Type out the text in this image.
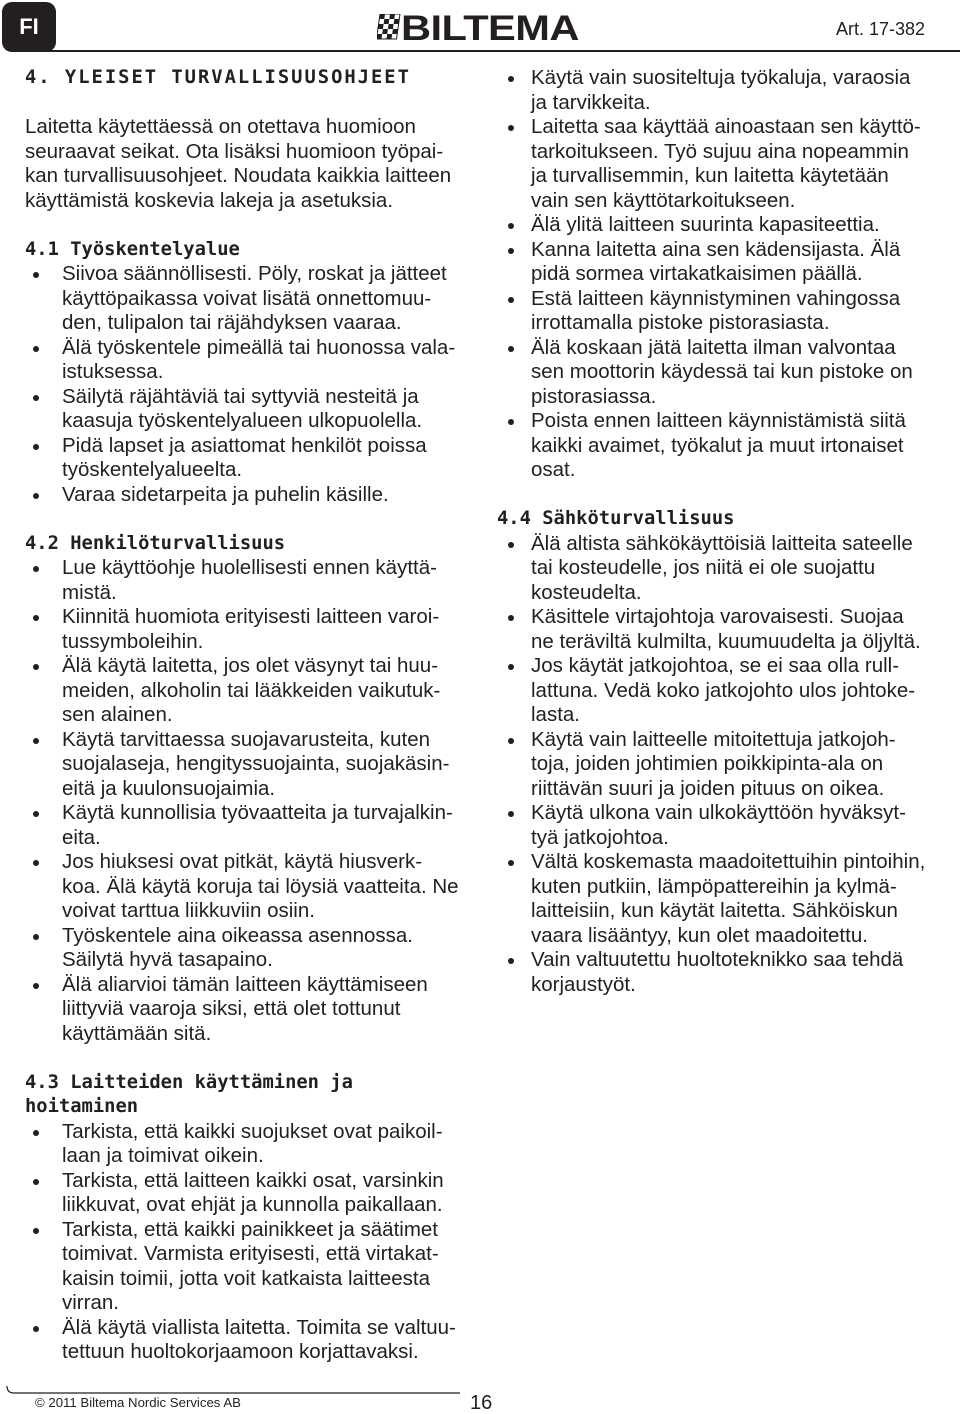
FI	BILTEMA	Art. 17-382
4. YLEISET TURVALLISUUSOHJEET
Laitetta käytettäessä on otettava huomioon
seuraavat seikat. Ota lisäksi huomioon työpai-
kan turvallisuusohjeet. Noudata kaikkia laitteen
käyttämistä koskevia lakeja ja asetuksia.
4.1 Työskentelyalue
Siivoa säännöllisesti. Pöly, roskat ja jätteet
käyttöpaikassa voivat lisätä onnettomuu-
den, tulipalon tai räjähdyksen vaaraa.
Älä työskentele pimeällä tai huonossa vala-
istuksessa.
Säilytä räjähtäviä tai syttyviä nesteitä ja
kaasuja työskentelyalueen ulkopuolella.
Pidä lapset ja asiattomat henkilöt poissa
työskentelyalueelta.
Varaa sidetarpeita ja puhelin käsille.
4.2 Henkilöturvallisuus
Lue käyttöohje huolellisesti ennen käyttä-
mistä.
Kiinnitä huomiota erityisesti laitteen varoi-
tussymboleihin.
Älä käytä laitetta, jos olet väsynyt tai huu-
meiden, alkoholin tai lääkkeiden vaikutuk-
sen alainen.
Käytä tarvittaessa suojavarusteita, kuten
suojalaseja, hengityssuojainta, suojakäsin-
eitä ja kuulonsuojaimia.
Käytä kunnollisia työvaatteita ja turvajalkin-
eita.
Jos hiuksesi ovat pitkät, käytä hiusverk-
koa. Älä käytä koruja tai löysiä vaatteita. Ne
voivat tarttua liikkuviin osiin.
Työskentele aina oikeassa asennossa.
Säilytä hyvä tasapaino.
Älä aliarvioi tämän laitteen käyttämiseen
liittyviä vaaroja siksi, että olet tottunut
käyttämään sitä.
4.3 Laitteiden käyttäminen ja
hoitaminen
Tarkista, että kaikki suojukset ovat paikoil-
laan ja toimivat oikein.
Tarkista, että laitteen kaikki osat, varsinkin
liikkuvat, ovat ehjät ja kunnolla paikallaan.
Tarkista, että kaikki painikkeet ja säätimet
toimivat. Varmista erityisesti, että virtakat-
kaisin toimii, jotta voit katkaista laitteesta
virran.
Älä käytä viallista laitetta. Toimita se valtuu-
tettuun huoltokorjaamoon korjattavaksi.
Käytä vain suositeltuja työkaluja, varaosia
ja tarvikkeita.
Laitetta saa käyttää ainoastaan sen käyttö-
tarkoitukseen. Työ sujuu aina nopeammin
ja turvallisemmin, kun laitetta käytetään
vain sen käyttötarkoitukseen.
Älä ylitä laitteen suurinta kapasiteettia.
Kanna laitetta aina sen kädensijasta. Älä
pidä sormea virtakatkaisimen päällä.
Estä laitteen käynnistyminen vahingossa
irrottamalla pistoke pistorasiasta.
Älä koskaan jätä laitetta ilman valvontaa
sen moottorin käydessä tai kun pistoke on
pistorasiassa.
Poista ennen laitteen käynnistämistä siitä
kaikki avaimet, työkalut ja muut irtonaiset
osat.
4.4 Sähköturvallisuus
Älä altista sähkökäyttöisiä laitteita sateelle
tai kosteudelle, jos niitä ei ole suojattu
kosteudelta.
Käsittele virtajohtoja varovaisesti. Suojaa
ne teräviltä kulmilta, kuumuudelta ja öljyltä.
Jos käytät jatkojohtoa, se ei saa olla rull-
lattuna. Vedä koko jatkojohto ulos johtoke-
lasta.
Käytä vain laitteelle mitoitettuja jatkojoh-
toja, joiden johtimien poikkipinta-ala on
riittävän suuri ja joiden pituus on oikea.
Käytä ulkona vain ulkokäyttöön hyväksyt-
tyä jatkojohtoa.
Vältä koskemasta maadoitettuihin pintoihin,
kuten putkiin, lämpöpattereihin ja kylmä-
laitteisiin, kun käytät laitetta. Sähköiskun
vaara lisääntyy, kun olet maadoitettu.
Vain valtuutettu huoltoteknikko saa tehdä
korjaustyöt.
© 2011 Biltema Nordic Services AB	16
